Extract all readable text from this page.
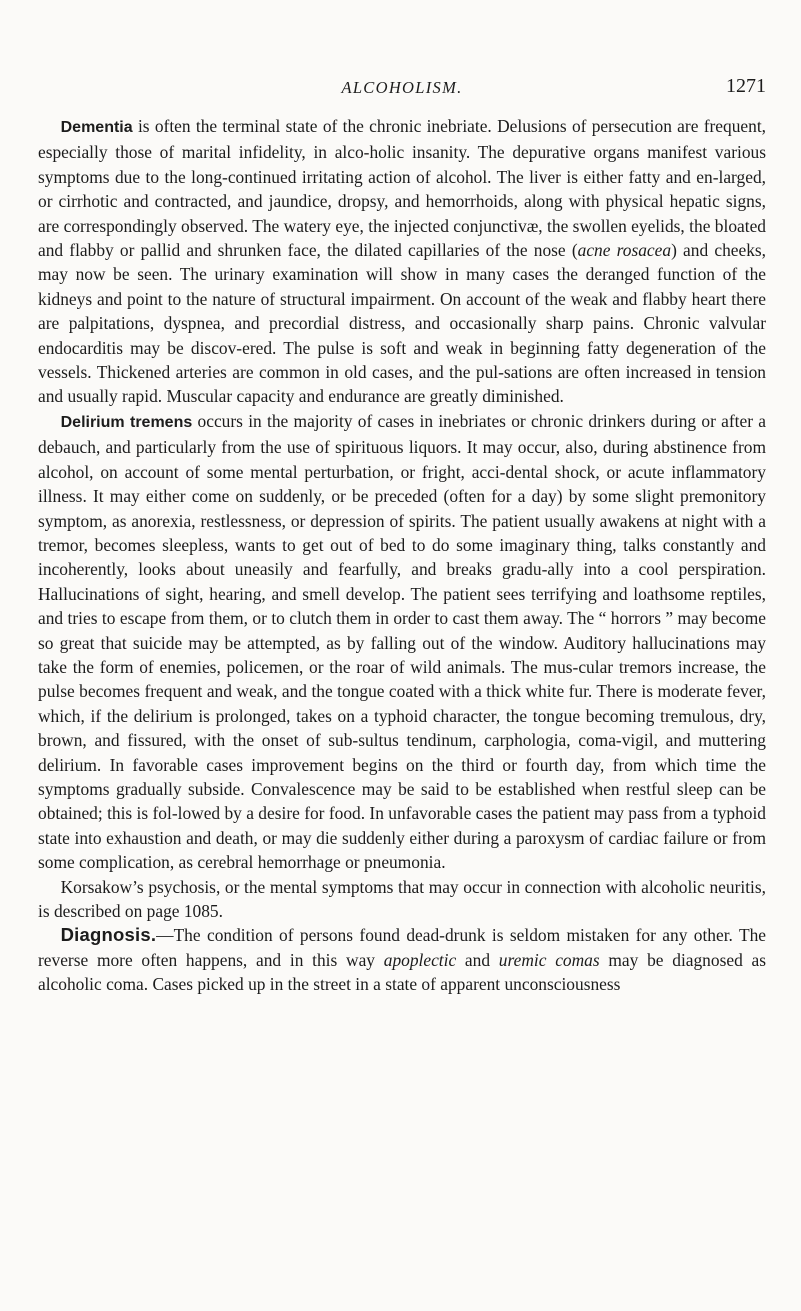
ALCOHOLISM.	1271

Dementia is often the terminal state of the chronic inebriate. Delusions of persecution are frequent, especially those of marital infidelity, in alco-holic insanity. The depurative organs manifest various symptoms due to the long-continued irritating action of alcohol. The liver is either fatty and en-larged, or cirrhotic and contracted, and jaundice, dropsy, and hemorrhoids, along with physical hepatic signs, are correspondingly observed. The watery eye, the injected conjunctivæ, the swollen eyelids, the bloated and flabby or pallid and shrunken face, the dilated capillaries of the nose (acne rosacea) and cheeks, may now be seen. The urinary examination will show in many cases the deranged function of the kidneys and point to the nature of structural impairment. On account of the weak and flabby heart there are palpitations, dyspnea, and precordial distress, and occasionally sharp pains. Chronic valvular endocarditis may be discov-ered. The pulse is soft and weak in beginning fatty degeneration of the vessels. Thickened arteries are common in old cases, and the pul-sations are often increased in tension and usually rapid. Muscular capacity and endurance are greatly diminished.

Delirium tremens occurs in the majority of cases in inebriates or chronic drinkers during or after a debauch, and particularly from the use of spirituous liquors. It may occur, also, during abstinence from alcohol, on account of some mental perturbation, or fright, acci-dental shock, or acute inflammatory illness. It may either come on suddenly, or be preceded (often for a day) by some slight premonitory symptom, as anorexia, restlessness, or depression of spirits. The patient usually awakens at night with a tremor, becomes sleepless, wants to get out of bed to do some imaginary thing, talks constantly and incoherently, looks about uneasily and fearfully, and breaks gradu-ally into a cool perspiration. Hallucinations of sight, hearing, and smell develop. The patient sees terrifying and loathsome reptiles, and tries to escape from them, or to clutch them in order to cast them away. The “ horrors ” may become so great that suicide may be attempted, as by falling out of the window. Auditory hallucinations may take the form of enemies, policemen, or the roar of wild animals. The mus-cular tremors increase, the pulse becomes frequent and weak, and the tongue coated with a thick white fur. There is moderate fever, which, if the delirium is prolonged, takes on a typhoid character, the tongue becoming tremulous, dry, brown, and fissured, with the onset of sub-sultus tendinum, carphologia, coma-vigil, and muttering delirium. In favorable cases improvement begins on the third or fourth day, from which time the symptoms gradually subside. Convalescence may be said to be established when restful sleep can be obtained; this is fol-lowed by a desire for food. In unfavorable cases the patient may pass from a typhoid state into exhaustion and death, or may die suddenly either during a paroxysm of cardiac failure or from some complication, as cerebral hemorrhage or pneumonia.

Korsakow’s psychosis, or the mental symptoms that may occur in connection with alcoholic neuritis, is described on page 1085.

Diagnosis.—The condition of persons found dead-drunk is seldom mistaken for any other. The reverse more often happens, and in this way apoplectic and uremic comas may be diagnosed as alcoholic coma. Cases picked up in the street in a state of apparent unconsciousness
